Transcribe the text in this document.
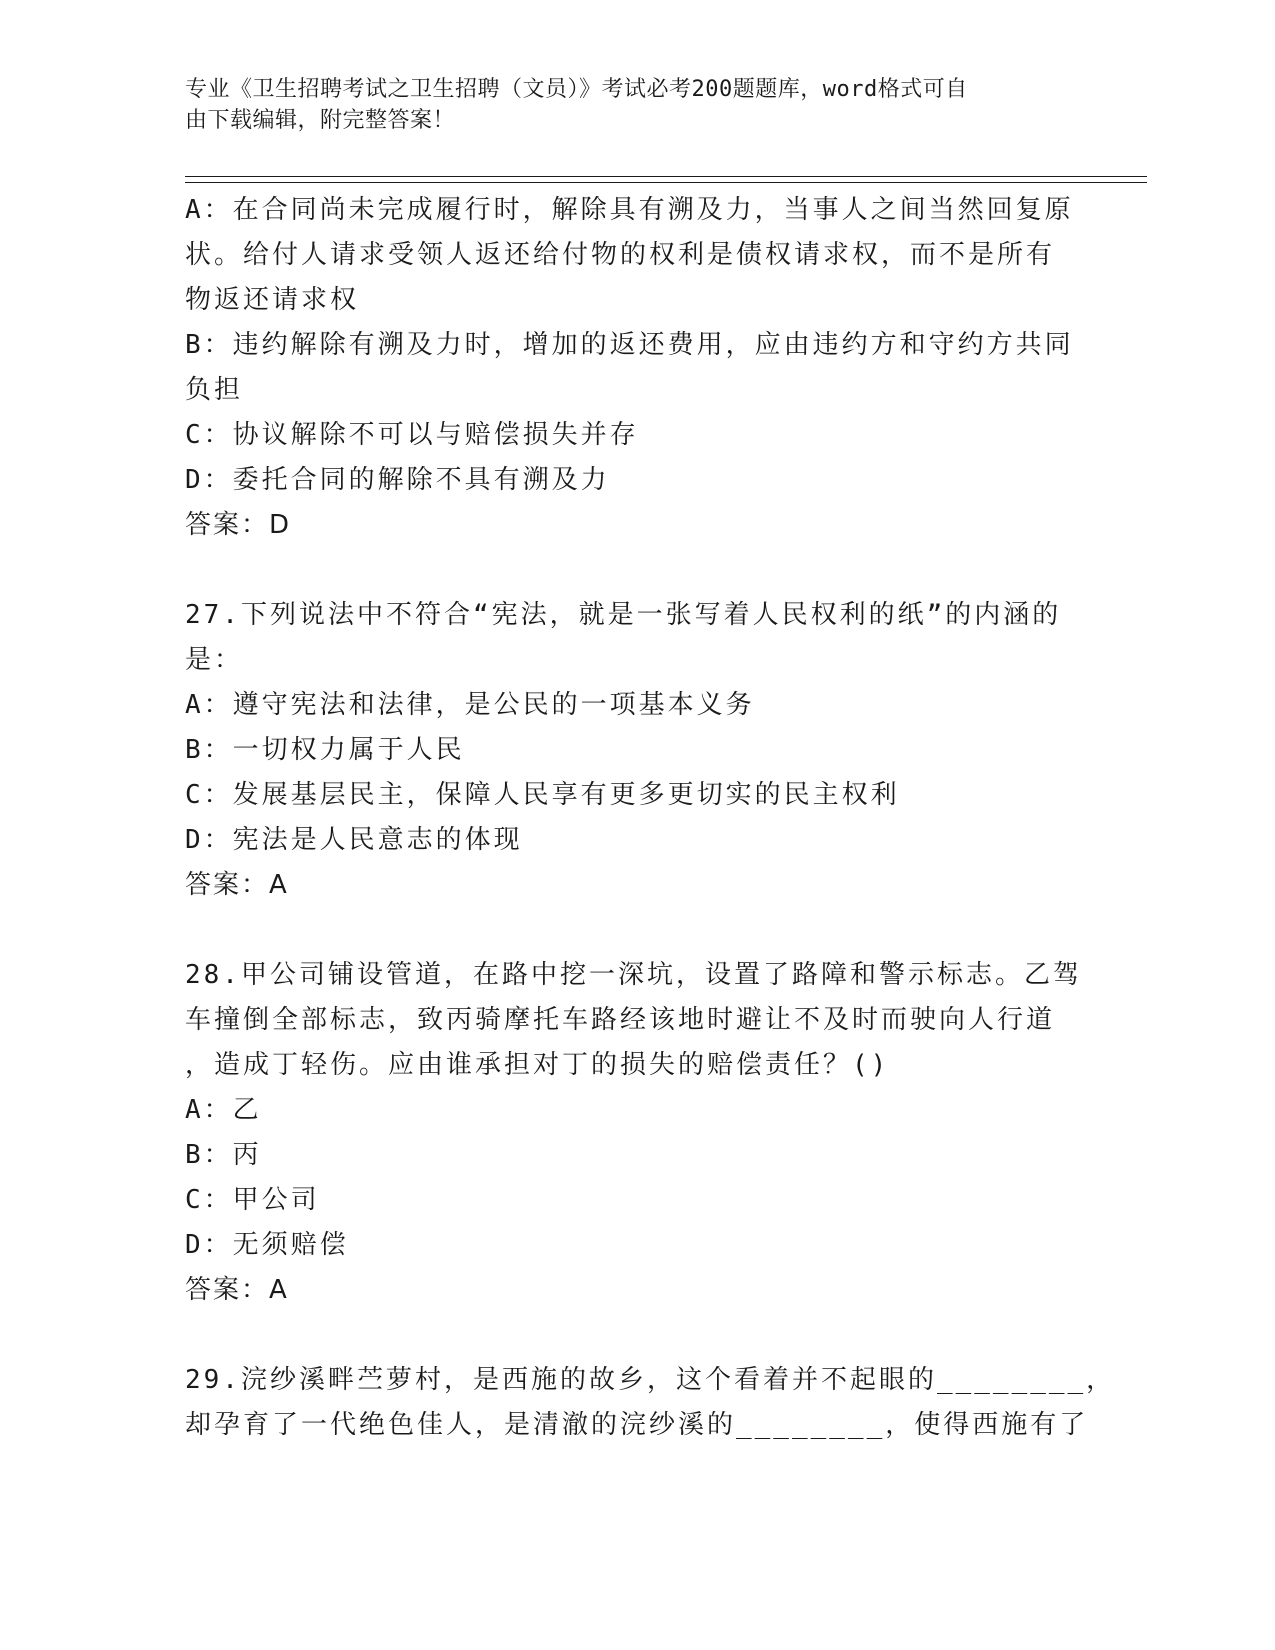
专业《卫生招聘考试之卫生招聘（文员）》考试必考200题题库，word格式可自
由下载编辑，附完整答案！
A：在合同尚未完成履行时，解除具有溯及力，当事人之间当然回复原
状。给付人请求受领人返还给付物的权利是债权请求权，而不是所有
物返还请求权
B：违约解除有溯及力时，增加的返还费用，应由违约方和守约方共同
负担
C：协议解除不可以与赔偿损失并存
D：委托合同的解除不具有溯及力
答案：D
27.下列说法中不符合“宪法，就是一张写着人民权利的纸”的内涵的
是：
A：遵守宪法和法律，是公民的一项基本义务
B：一切权力属于人民
C：发展基层民主，保障人民享有更多更切实的民主权利
D：宪法是人民意志的体现
答案：A
28.甲公司铺设管道，在路中挖一深坑，设置了路障和警示标志。乙驾
车撞倒全部标志，致丙骑摩托车路经该地时避让不及时而驶向人行道
，造成丁轻伤。应由谁承担对丁的损失的赔偿责任？()
A：乙
B：丙
C：甲公司
D：无须赔偿
答案：A
29.浣纱溪畔苎萝村，是西施的故乡，这个看着并不起眼的________，
却孕育了一代绝色佳人，是清澈的浣纱溪的________，使得西施有了
